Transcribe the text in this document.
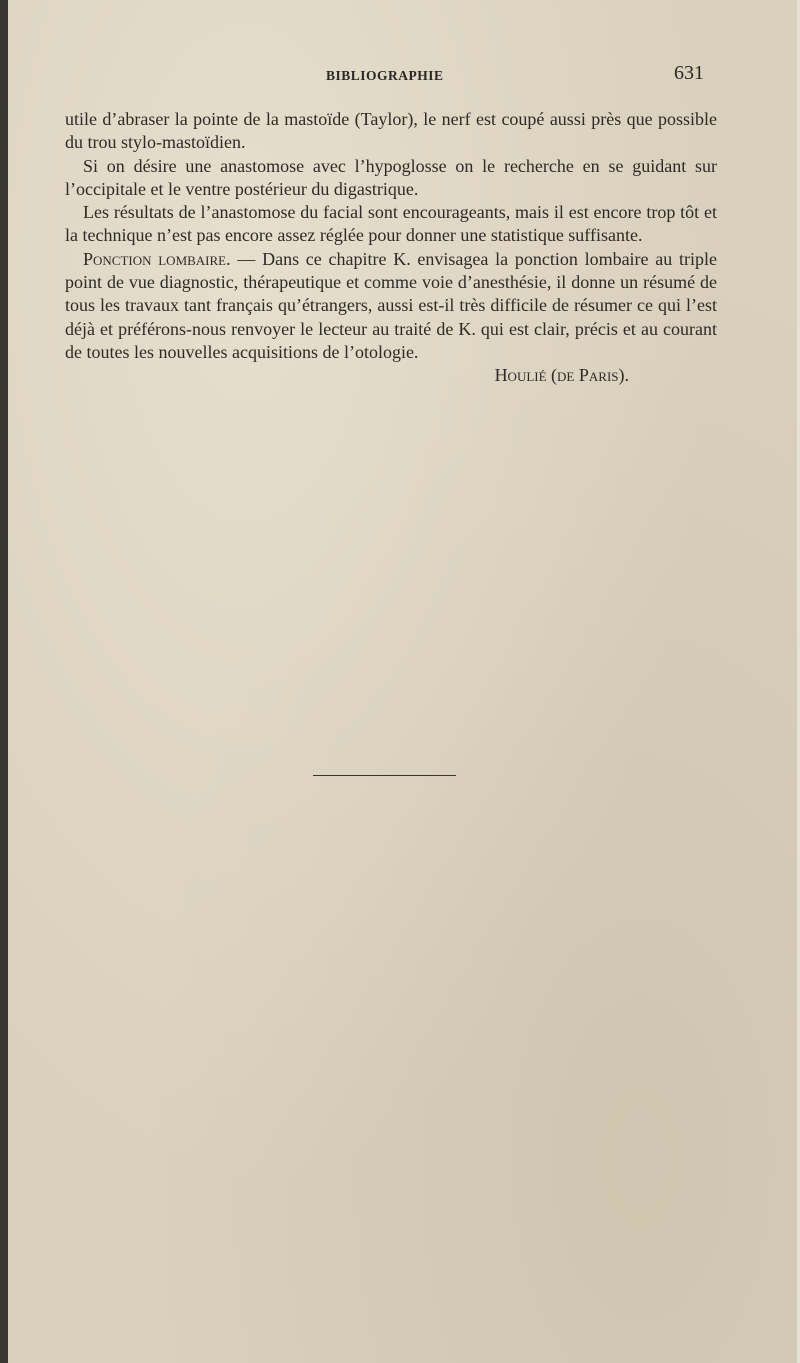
BIBLIOGRAPHIE	631

utile d’abraser la pointe de la mastoïde (Taylor), le nerf est coupé aussi près que possible du trou stylo-mastoïdien.

Si on désire une anastomose avec l’hypoglosse on le recherche en se guidant sur l’occipitale et le ventre postérieur du digastrique.

Les résultats de l’anastomose du facial sont encourageants, mais il est encore trop tôt et la technique n’est pas encore assez réglée pour donner une statistique suffisante.

Ponction lombaire. — Dans ce chapitre K. envisagea la ponction lombaire au triple point de vue diagnostic, thérapeutique et comme voie d’anesthésie, il donne un résumé de tous les travaux tant français qu’étrangers, aussi est-il très difficile de résumer ce qui l’est déjà et préférons-nous renvoyer le lecteur au traité de K. qui est clair, précis et au courant de toutes les nouvelles acquisitions de l’otologie.

Houlié (de Paris).
